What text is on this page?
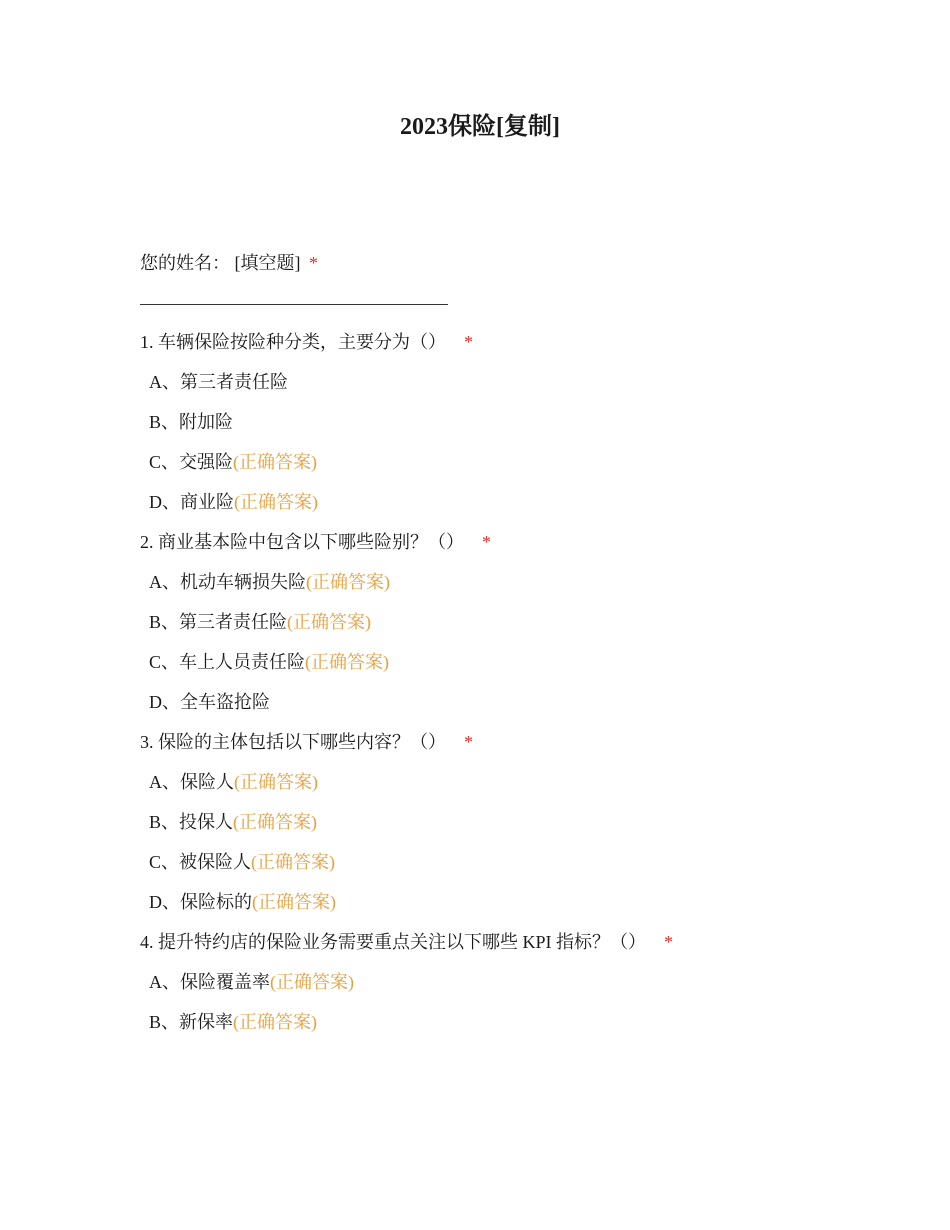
2023保险[复制]
您的姓名： [填空题] *
1. 车辆保险按险种分类，主要分为（） *
A、第三者责任险
B、附加险
C、交强险(正确答案)
D、商业险(正确答案)
2. 商业基本险中包含以下哪些险别？（） *
A、机动车辆损失险(正确答案)
B、第三者责任险(正确答案)
C、车上人员责任险(正确答案)
D、全车盗抢险
3. 保险的主体包括以下哪些内容？（） *
A、保险人(正确答案)
B、投保人(正确答案)
C、被保险人(正确答案)
D、保险标的(正确答案)
4. 提升特约店的保险业务需要重点关注以下哪些 KPI 指标？（） *
A、保险覆盖率(正确答案)
B、新保率(正确答案)
